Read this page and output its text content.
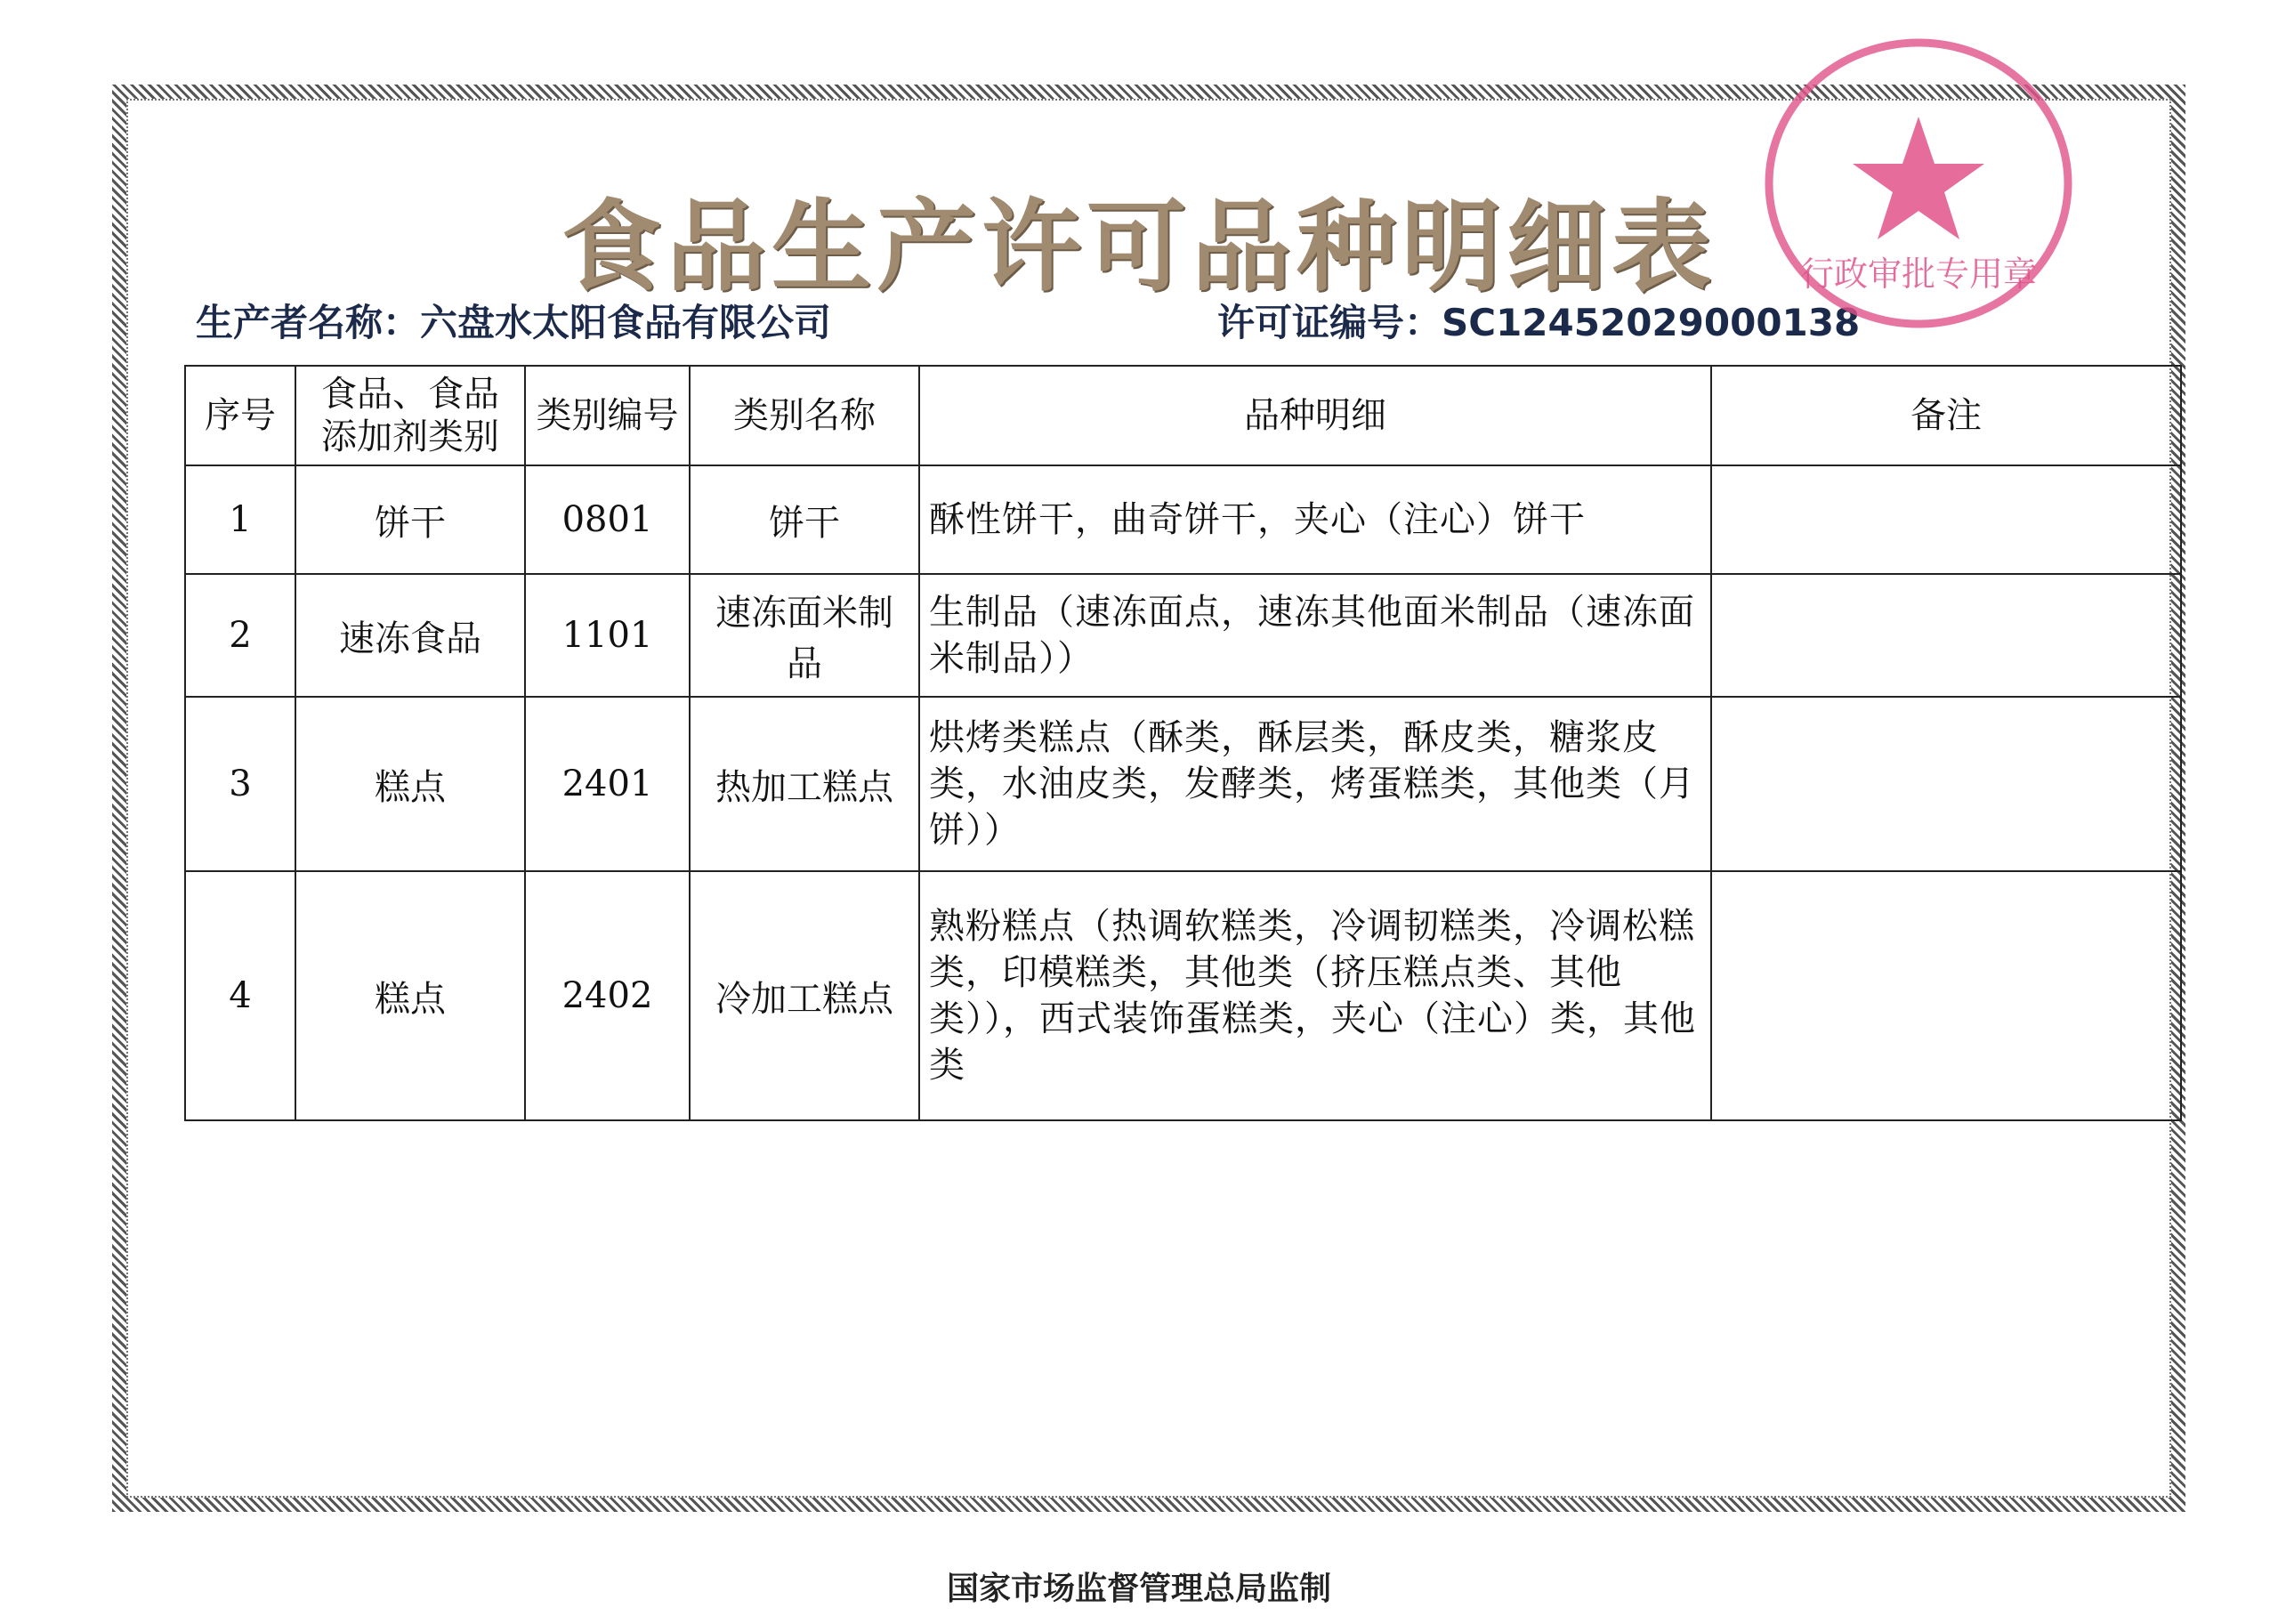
食品生产许可品种明细表
生产者名称：六盘水太阳食品有限公司	许可证编号：SC12452029000138
行政审批专用章
序号	食品、食品添加剂类别	类别编号	类别名称	品种明细	备注
1	饼干	0801	饼干	酥性饼干，曲奇饼干，夹心（注心）饼干	
2	速冻食品	1101	速冻面米制品	生制品（速冻面点，速冻其他面米制品（速冻面米制品））	
3	糕点	2401	热加工糕点	烘烤类糕点（酥类，酥层类，酥皮类，糖浆皮类，水油皮类，发酵类，烤蛋糕类，其他类（月饼））	
4	糕点	2402	冷加工糕点	熟粉糕点（热调软糕类，冷调韧糕类，冷调松糕类，印模糕类，其他类（挤压糕点类、其他类）），西式装饰蛋糕类，夹心（注心）类，其他类	
国家市场监督管理总局监制
